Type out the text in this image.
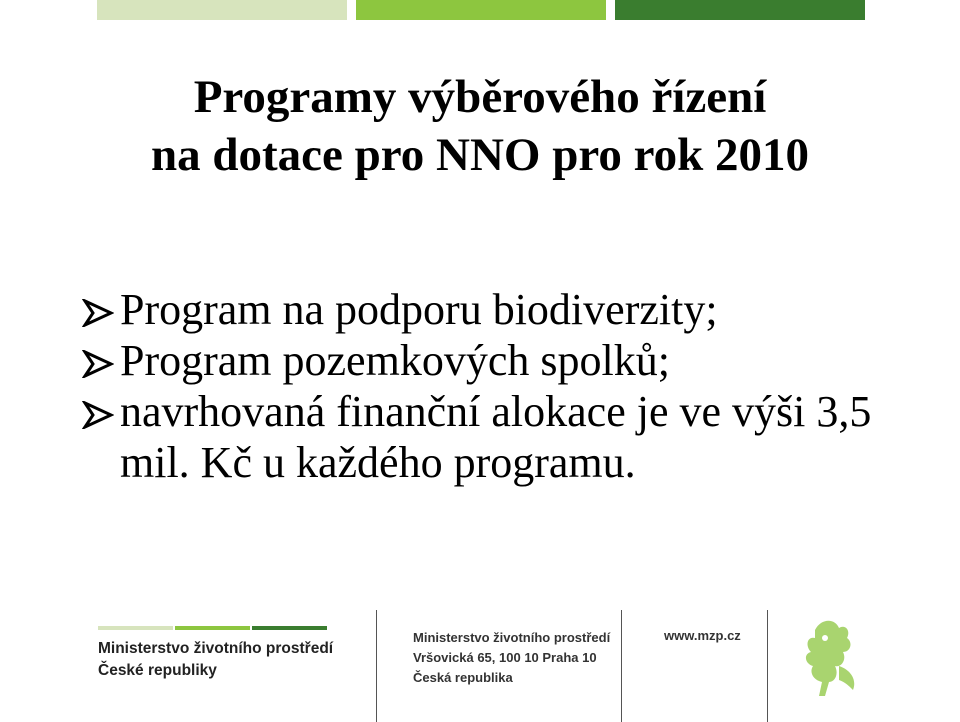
Programy výběrového řízení
na dotace pro NNO pro rok 2010
Program na podporu biodiverzity;
Program pozemkových spolků;
navrhovaná finanční alokace je ve výši 3,5 mil. Kč u každého programu.
Ministerstvo životního prostředí
České republiky
Ministerstvo životního prostředí
Vršovická 65, 100 10 Praha 10
Česká republika
www.mzp.cz
